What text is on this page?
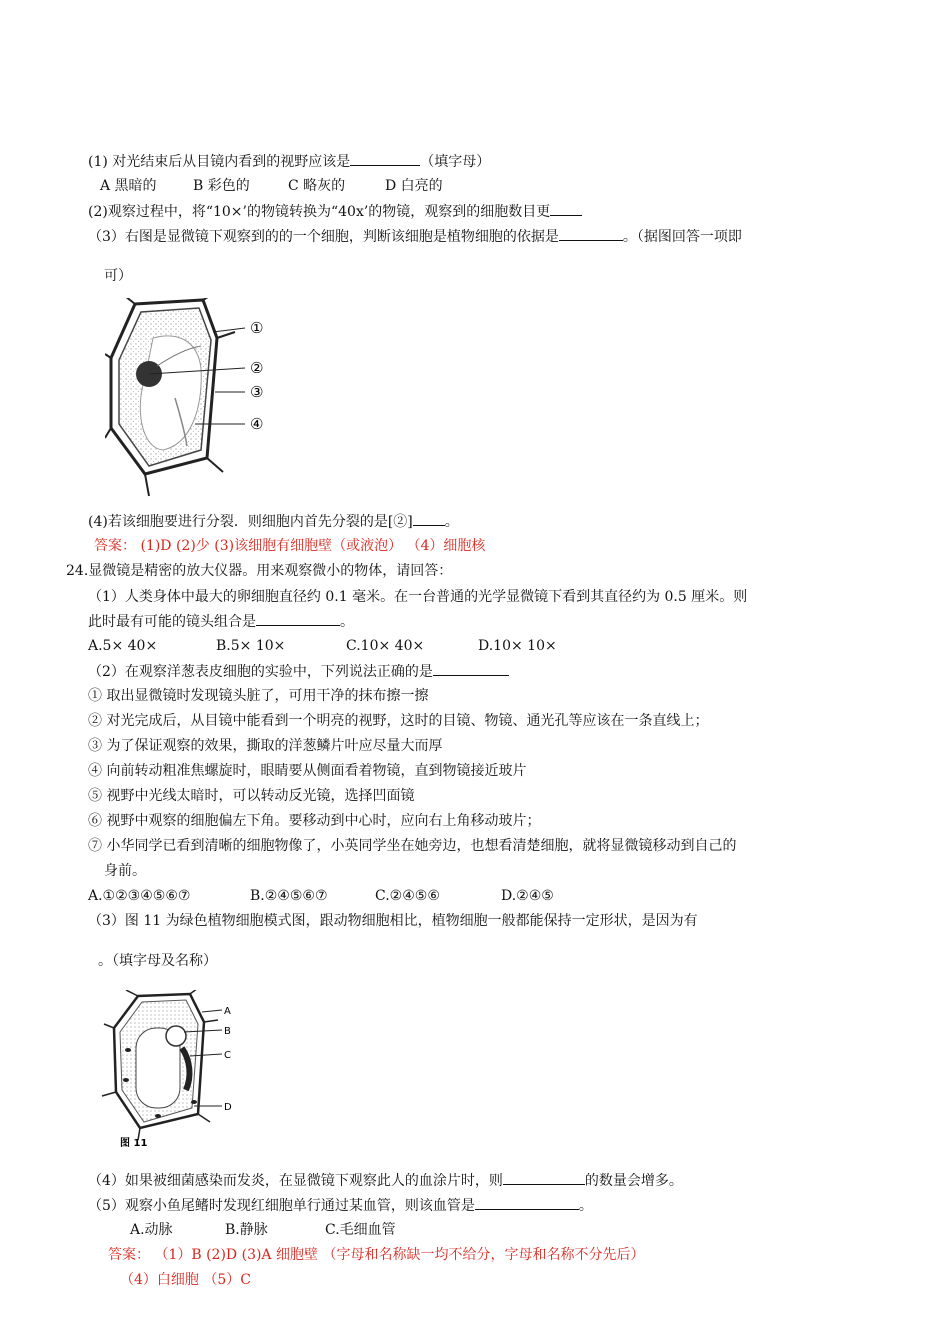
(1) 对光结束后从目镜内看到的视野应该是	（填字母）
A 黑暗的	B 彩色的	C 略灰的	D 白亮的
(2)观察过程中，将“10×’的物镜转换为“40x’的物镜，观察到的细胞数目更
（3）右图是显微镜下观察到的的一个细胞，判断该细胞是植物细胞的依据是	。（据图回答一项即
可）
①
②
③
④
(4)若该细胞要进行分裂．则细胞内首先分裂的是[②] 。
答案： (1)D (2)少 (3)该细胞有细胞壁（或液泡） （4）细胞核
24.显微镜是精密的放大仪器。用来观察微小的物体，请回答：
（1）人类身体中最大的卵细胞直径约 0.1 毫米。在一台普通的光学显微镜下看到其直径约为 0.5 厘米。则
此时最有可能的镜头组合是	。
A.5× 40×	B.5× 10×	C.10× 40×	D.10× 10×
（2）在观察洋葱表皮细胞的实验中，下列说法正确的是
① 取出显微镜时发现镜头脏了，可用干净的抹布擦一擦
② 对光完成后，从目镜中能看到一个明亮的视野，这时的目镜、物镜、通光孔等应该在一条直线上；
③ 为了保证观察的效果，撕取的洋葱鳞片叶应尽量大而厚
④ 向前转动粗准焦螺旋时，眼睛要从侧面看着物镜，直到物镜接近玻片
⑤ 视野中光线太暗时，可以转动反光镜，选择凹面镜
⑥ 视野中观察的细胞偏左下角。要移动到中心时，应向右上角移动玻片；
⑦ 小华同学已看到清晰的细胞物像了，小英同学坐在她旁边，也想看清楚细胞，就将显微镜移动到自己的
身前。
A.①②③④⑤⑥⑦	B.②④⑤⑥⑦	C.②④⑤⑥	D.②④⑤
（3）图 11 为绿色植物细胞模式图，跟动物细胞相比，植物细胞一般都能保持一定形状，是因为有
。（填字母及名称）
A
B
C
D
图 11
（4）如果被细菌感染而发炎，在显微镜下观察此人的血涂片时，则	的数量会增多。
（5）观察小鱼尾鳍时发现红细胞单行通过某血管，则该血管是	。
A.动脉	B.静脉	C.毛细血管
答案： （1）B (2)D (3)A 细胞壁 （字母和名称缺一均不给分，字母和名称不分先后）
（4）白细胞 （5）C
